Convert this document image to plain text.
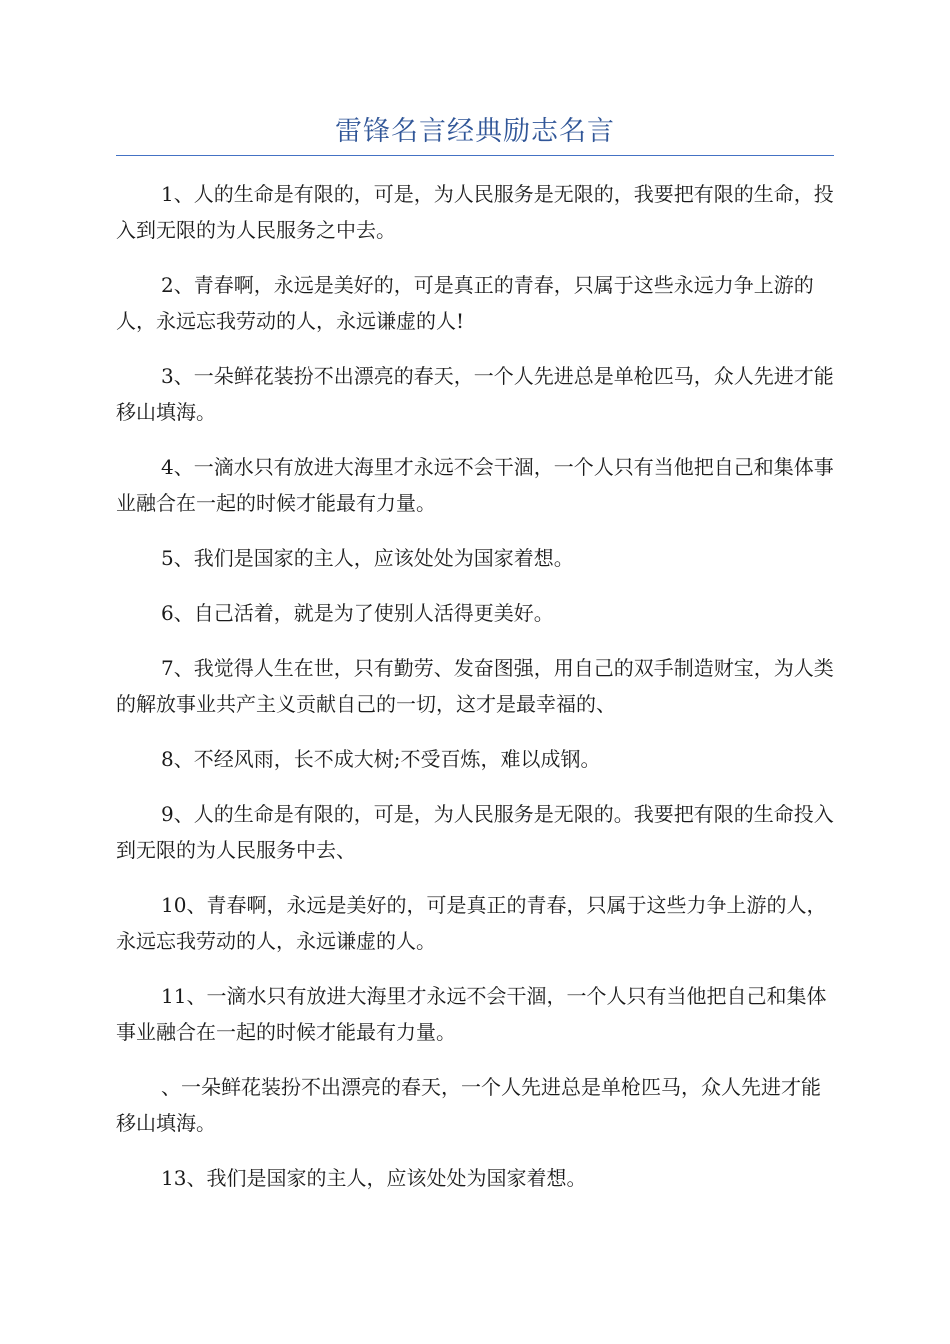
雷锋名言经典励志名言

1、人的生命是有限的，可是，为人民服务是无限的，我要把有限的生命，投入到无限的为人民服务之中去。

2、青春啊，永远是美好的，可是真正的青春，只属于这些永远力争上游的人，永远忘我劳动的人，永远谦虚的人!

3、一朵鲜花装扮不出漂亮的春天，一个人先进总是单枪匹马，众人先进才能移山填海。

4、一滴水只有放进大海里才永远不会干涸，一个人只有当他把自己和集体事业融合在一起的时候才能最有力量。

5、我们是国家的主人，应该处处为国家着想。

6、自己活着，就是为了使别人活得更美好。

7、我觉得人生在世，只有勤劳、发奋图强，用自己的双手制造财宝，为人类的解放事业共产主义贡献自己的一切，这才是最幸福的、

8、不经风雨，长不成大树;不受百炼，难以成钢。

9、人的生命是有限的，可是，为人民服务是无限的。我要把有限的生命投入到无限的为人民服务中去、

10、青春啊，永远是美好的，可是真正的青春，只属于这些力争上游的人，永远忘我劳动的人，永远谦虚的人。

11、一滴水只有放进大海里才永远不会干涸，一个人只有当他把自己和集体事业融合在一起的时候才能最有力量。

、一朵鲜花装扮不出漂亮的春天，一个人先进总是单枪匹马，众人先进才能移山填海。

13、我们是国家的主人，应该处处为国家着想。
